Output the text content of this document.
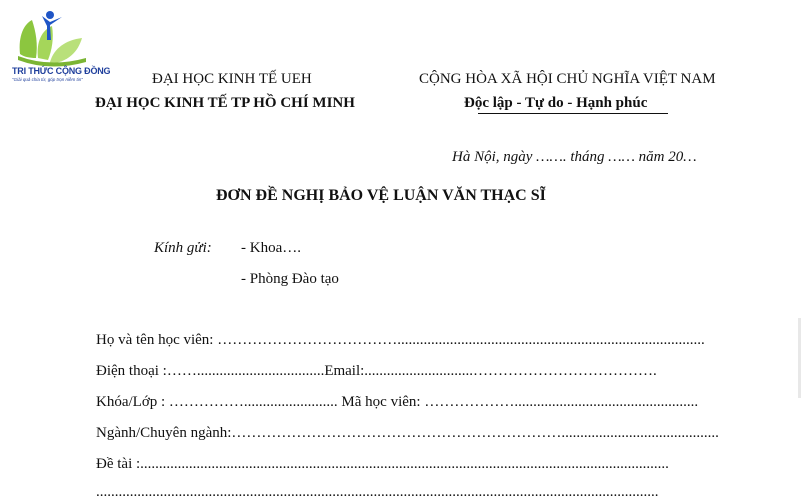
TRI THỨC CỘNG ĐỒNG
"Giải quả chia từ, góp trọn niềm tin"	ĐẠI HỌC KINH TẾ UEH
ĐẠI HỌC KINH TẾ TP HỒ CHÍ MINH
CỘNG HÒA XÃ HỘI CHỦ NGHĨA VIỆT NAM
Độc lập - Tự do - Hạnh phúc
Hà Nội, ngày ……. tháng …… năm 20…
ĐƠN ĐỀ NGHỊ BẢO VỆ LUẬN VĂN THẠC SĨ
Kính gửi: - Khoa….
- Phòng Đào tạo
Họ và tên học viên: ………………………………..................................................................................
Điện thoại :……..................................Email:.............................……………………………….
Khóa/Lớp : ……………......................... Mã học viên: ……………….................................................
Ngành/Chuyên ngành:…………………………………………………………..........................................
Đề tài :.............................................................................................................................................
......................................................................................................................................................
